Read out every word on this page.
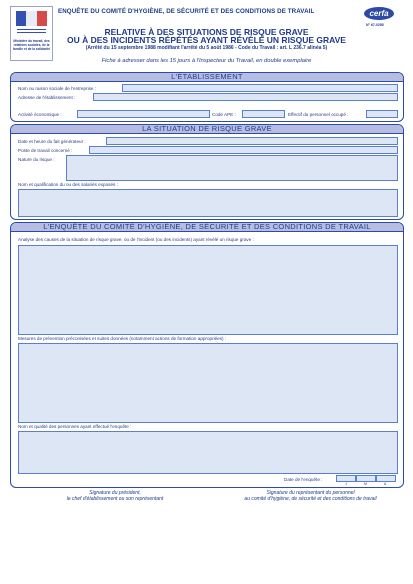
Ministère du travail, des relations sociales, de la famille et de la solidarité
ENQUÊTE DU COMITÉ D'HYGIÈNE, DE SÉCURITÉ ET DES CONDITIONS DE TRAVAIL	cerfa
N° 67-0285
RELATIVE À DES SITUATIONS DE RISQUE GRAVE
OU À DES INCIDENTS RÉPÉTÉS AYANT RÉVÉLÉ UN RISQUE GRAVE
(Arrêté du 15 septembre 1988 modifiant l'arrêté du 5 août 1986 - Code du Travail : art. L 236.7 alinéa 5)
Fiche à adresser dans les 15 jours à l'Inspecteur du Travail, en double exemplaire
L'ÉTABLISSEMENT
Nom ou raison sociale de l'entreprise :
Adresse de l'établissement :
Activité économique :	Code APE :	Effectif du personnel occupé :
LA SITUATION DE RISQUE GRAVE
Date et heure du fait générateur :
Poste de travail concerné :
Nature du risque :
Nom et qualification du ou des salariés exposés :
L'ENQUÊTE DU COMITÉ D'HYGIÈNE, DE SÉCURITÉ ET DES CONDITIONS DE TRAVAIL
Analyse des causes de la situation de risque grave, ou de l'incident (ou des incidents) ayant révélé un risque grave :
Mesures de prévention préconisées et suites données (notamment actions de formation appropriées) :
Nom et qualité des personnes ayant effectué l'enquête :
Date de l'enquête :
J	M	A
Signature du président,
le chef d'établissement ou son représentant
Signature du représentant du personnel
au comité d'hygiène, de sécurité et des conditions de travail
